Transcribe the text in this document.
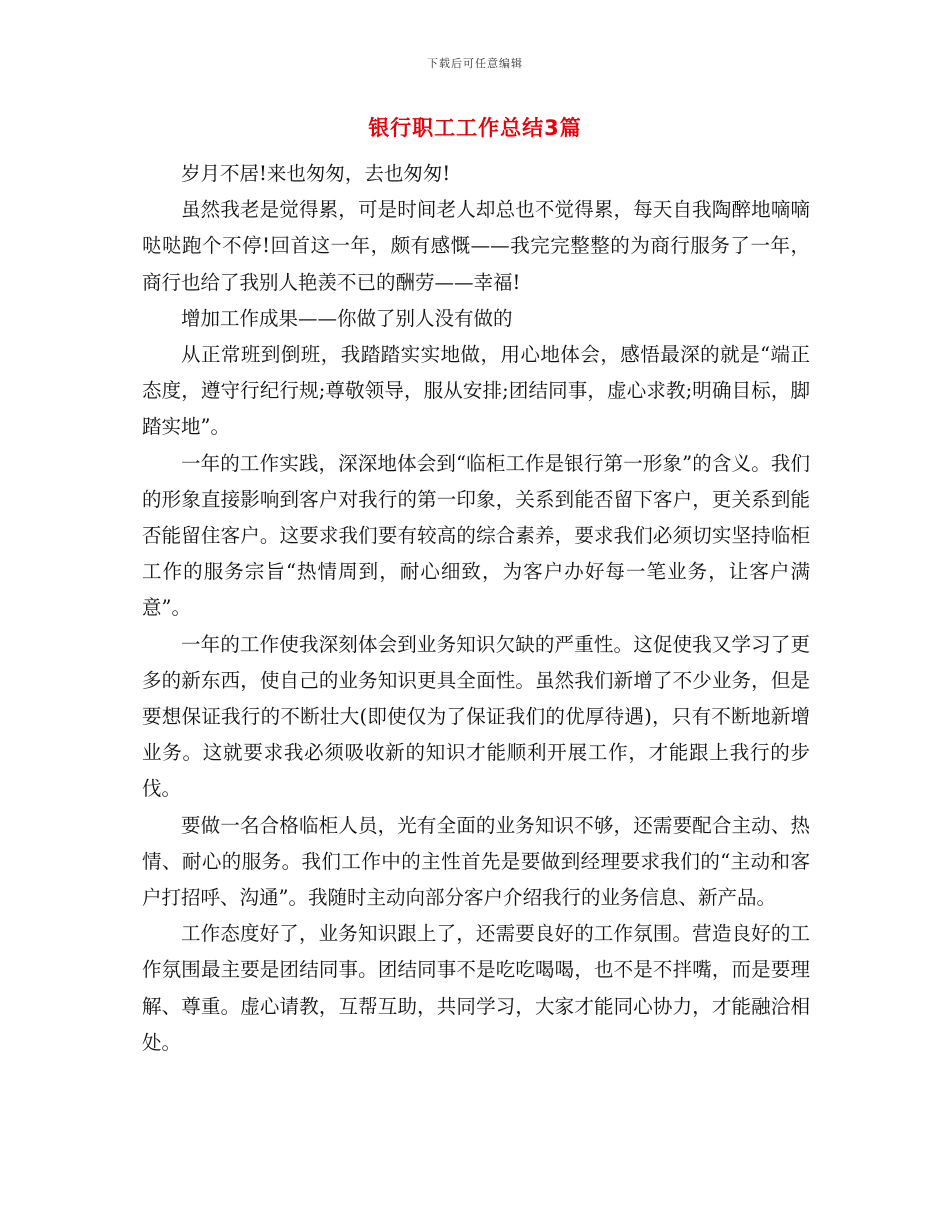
下载后可任意编辑
银行职工工作总结3篇

岁月不居!来也匆匆，去也匆匆!

虽然我老是觉得累，可是时间老人却总也不觉得累，每天自我陶醉地嘀嘀哒哒跑个不停!回首这一年，颇有感慨——我完完整整的为商行服务了一年，商行也给了我别人艳羡不已的酬劳——幸福!

增加工作成果——你做了别人没有做的

从正常班到倒班，我踏踏实实地做，用心地体会，感悟最深的就是“端正态度，遵守行纪行规;尊敬领导，服从安排;团结同事，虚心求教;明确目标，脚踏实地”。

一年的工作实践，深深地体会到“临柜工作是银行第一形象”的含义。我们的形象直接影响到客户对我行的第一印象，关系到能否留下客户，更关系到能否能留住客户。这要求我们要有较高的综合素养，要求我们必须切实坚持临柜工作的服务宗旨“热情周到，耐心细致，为客户办好每一笔业务，让客户满意”。

一年的工作使我深刻体会到业务知识欠缺的严重性。这促使我又学习了更多的新东西，使自己的业务知识更具全面性。虽然我们新增了不少业务，但是要想保证我行的不断壮大(即使仅为了保证我们的优厚待遇)，只有不断地新增业务。这就要求我必须吸收新的知识才能顺利开展工作，才能跟上我行的步伐。

要做一名合格临柜人员，光有全面的业务知识不够，还需要配合主动、热情、耐心的服务。我们工作中的主性首先是要做到经理要求我们的“主动和客户打招呼、沟通”。我随时主动向部分客户介绍我行的业务信息、新产品。

工作态度好了，业务知识跟上了，还需要良好的工作氛围。营造良好的工作氛围最主要是团结同事。团结同事不是吃吃喝喝，也不是不拌嘴，而是要理解、尊重。虚心请教，互帮互助，共同学习，大家才能同心协力，才能融洽相处。
